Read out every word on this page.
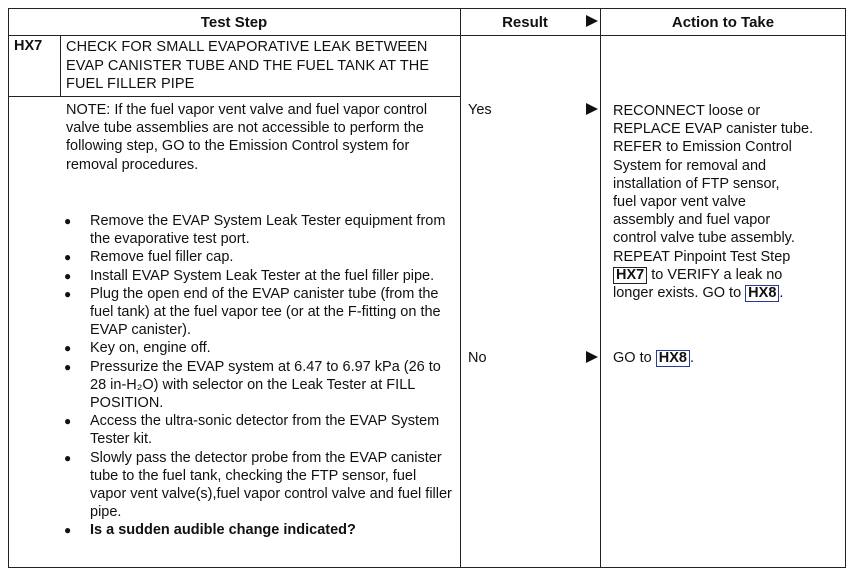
Test Step	Result	Action to Take
HX7 CHECK FOR SMALL EVAPORATIVE LEAK BETWEEN EVAP CANISTER TUBE AND THE FUEL TANK AT THE FUEL FILLER PIPE
NOTE: If the fuel vapor vent valve and fuel vapor control valve tube assemblies are not accessible to perform the following step, GO to the Emission Control system for removal procedures.
● Remove the EVAP System Leak Tester equipment from the evaporative test port.
● Remove fuel filler cap.
● Install EVAP System Leak Tester at the fuel filler pipe.
● Plug the open end of the EVAP canister tube (from the fuel tank) at the fuel vapor tee (or at the F-fitting on the EVAP canister).
● Key on, engine off.
● Pressurize the EVAP system at 6.47 to 6.97 kPa (26 to 28 in-H₂O) with selector on the Leak Tester at FILL POSITION.
● Access the ultra-sonic detector from the EVAP System Tester kit.
● Slowly pass the detector probe from the EVAP canister tube to the fuel tank, checking the FTP sensor, fuel vapor vent valve(s),fuel vapor control valve and fuel filler pipe.
● Is a sudden audible change indicated?
Yes	RECONNECT loose or
REPLACE EVAP canister tube.
REFER to Emission Control
System for removal and
installation of FTP sensor,
fuel vapor vent valve
assembly and fuel vapor
control valve tube assembly.
REPEAT Pinpoint Test Step
HX7 to VERIFY a leak no
longer exists. GO to HX8 .
No	GO to HX8 .
